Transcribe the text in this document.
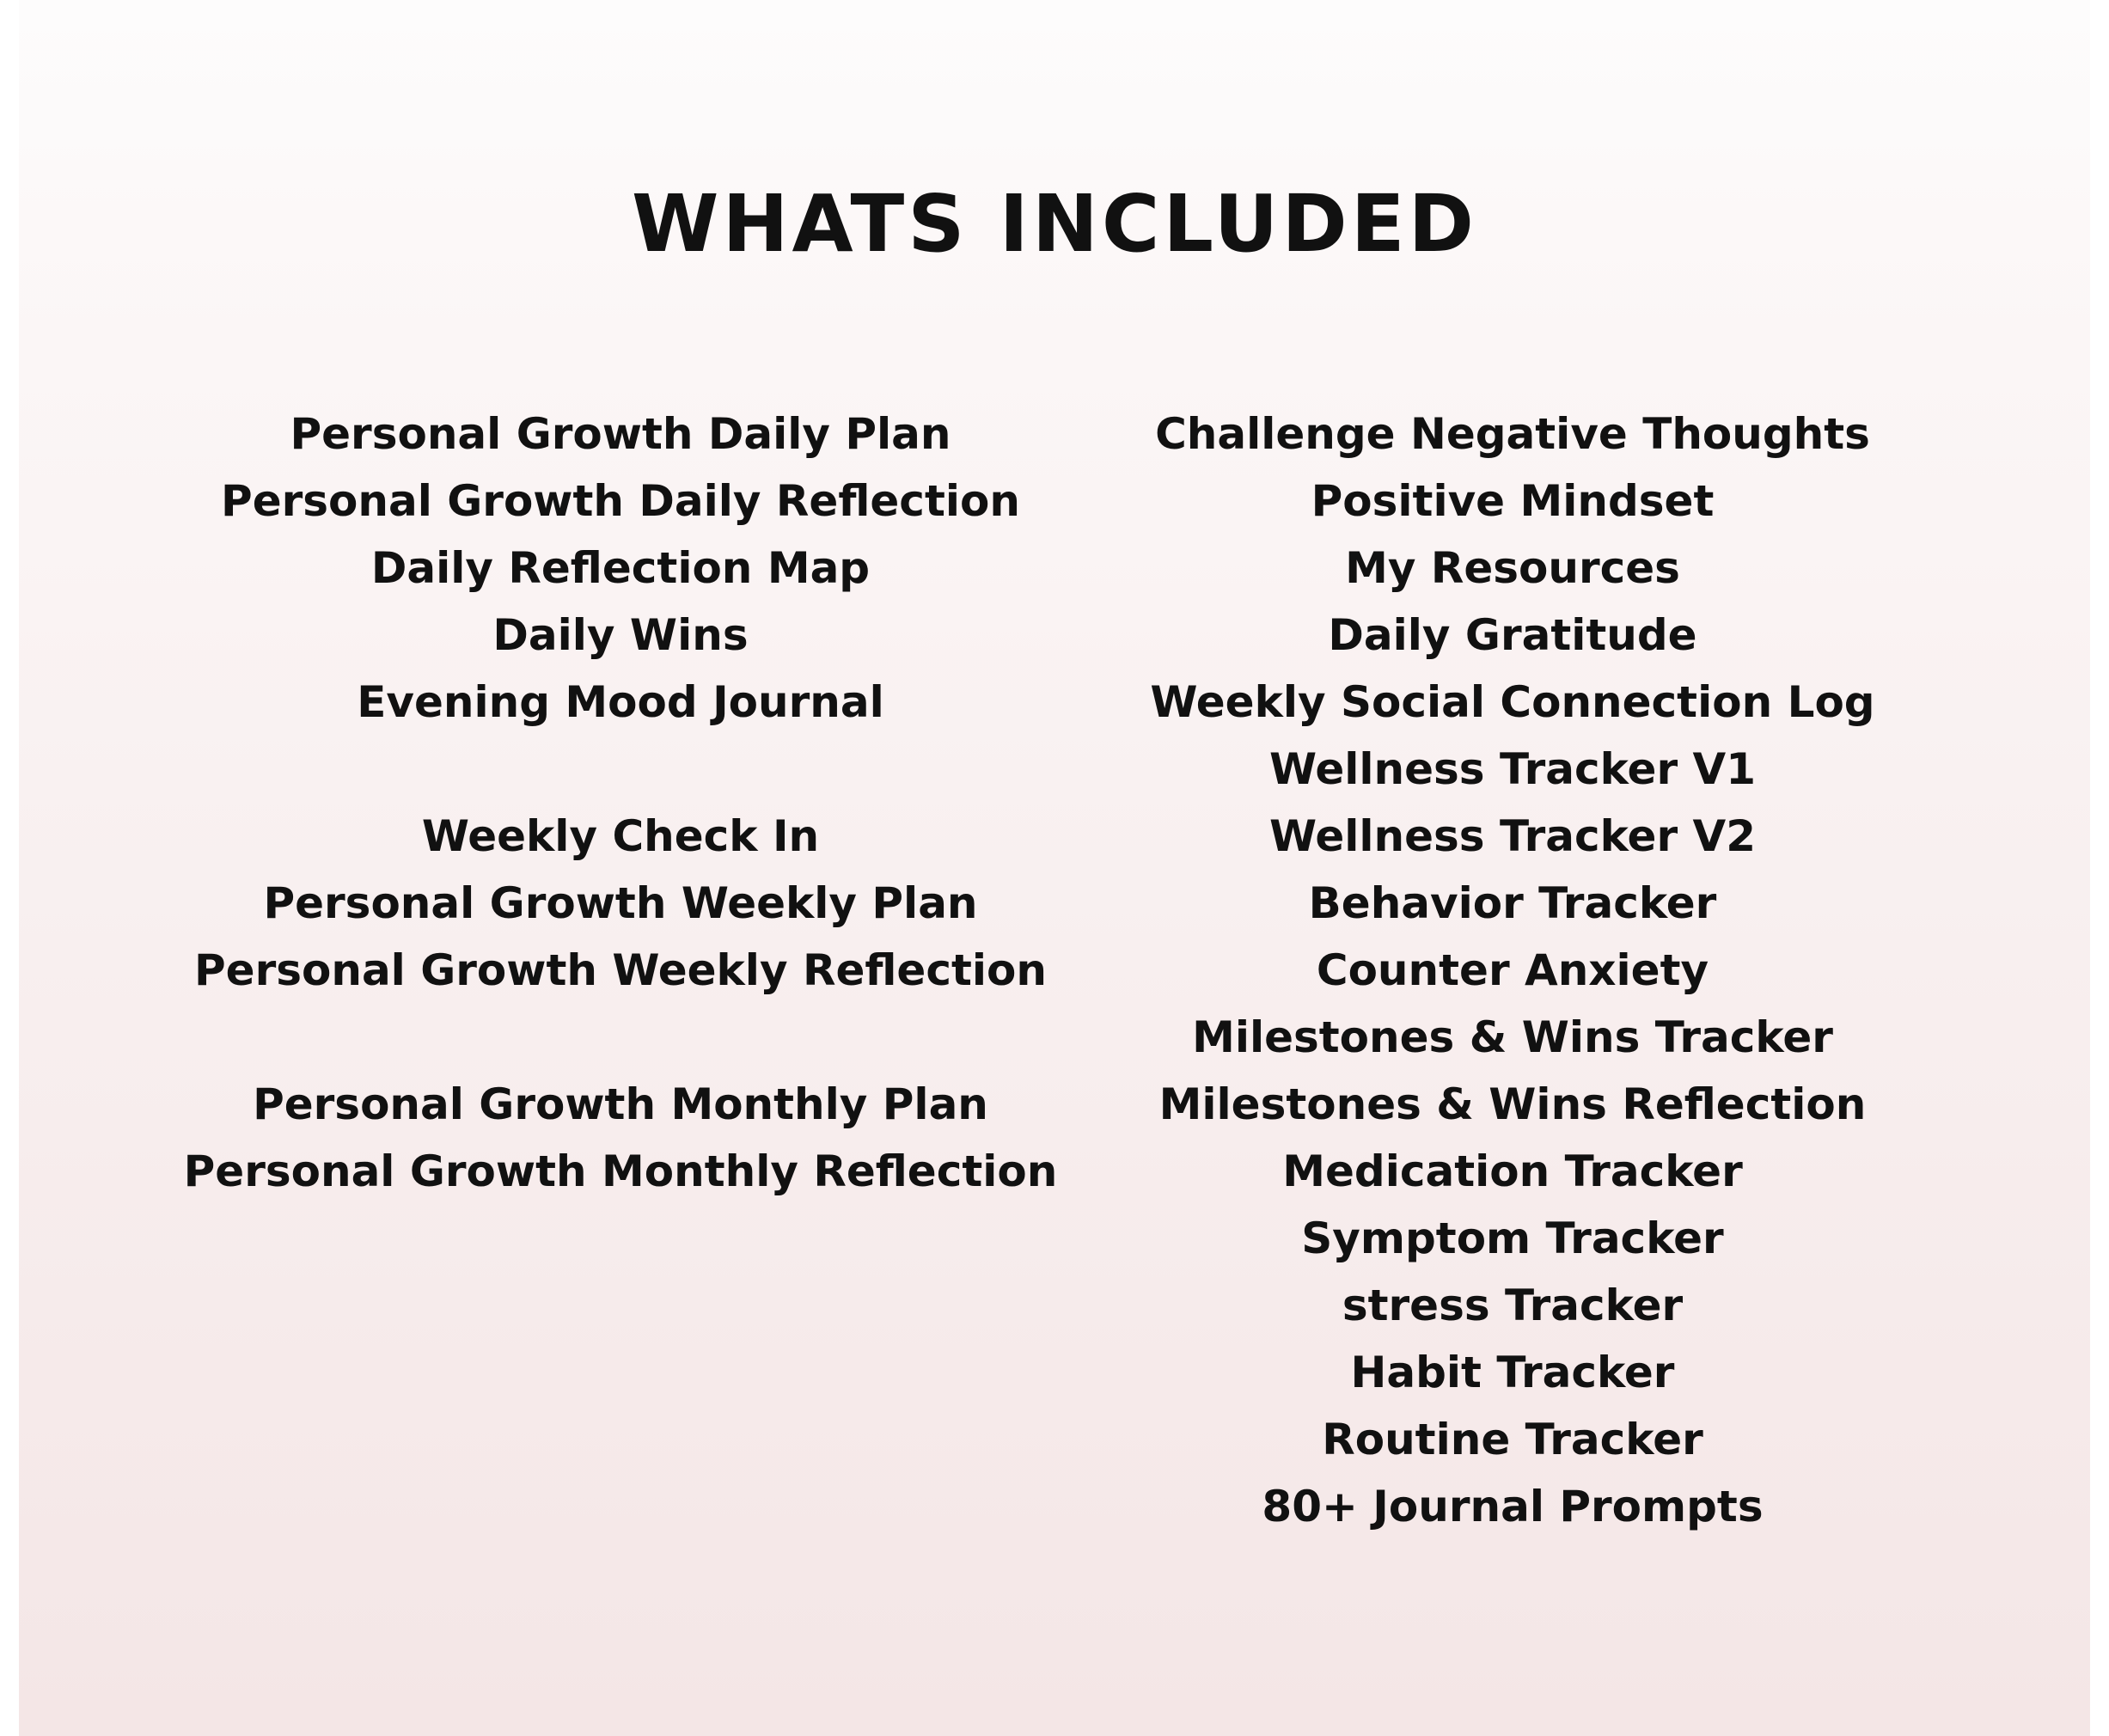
WHATS INCLUDED
Personal Growth Daily Plan
Personal Growth Daily Reflection
Daily Reflection Map
Daily Wins
Evening Mood Journal
Weekly Check In
Personal Growth Weekly Plan
Personal Growth Weekly Reflection
Personal Growth Monthly Plan
Personal Growth Monthly Reflection
Challenge Negative Thoughts
Positive Mindset
My Resources
Daily Gratitude
Weekly Social Connection Log
Wellness Tracker V1
Wellness Tracker V2
Behavior Tracker
Counter Anxiety
Milestones & Wins Tracker
Milestones & Wins Reflection
Medication Tracker
Symptom Tracker
stress Tracker
Habit Tracker
Routine Tracker
80+ Journal Prompts
